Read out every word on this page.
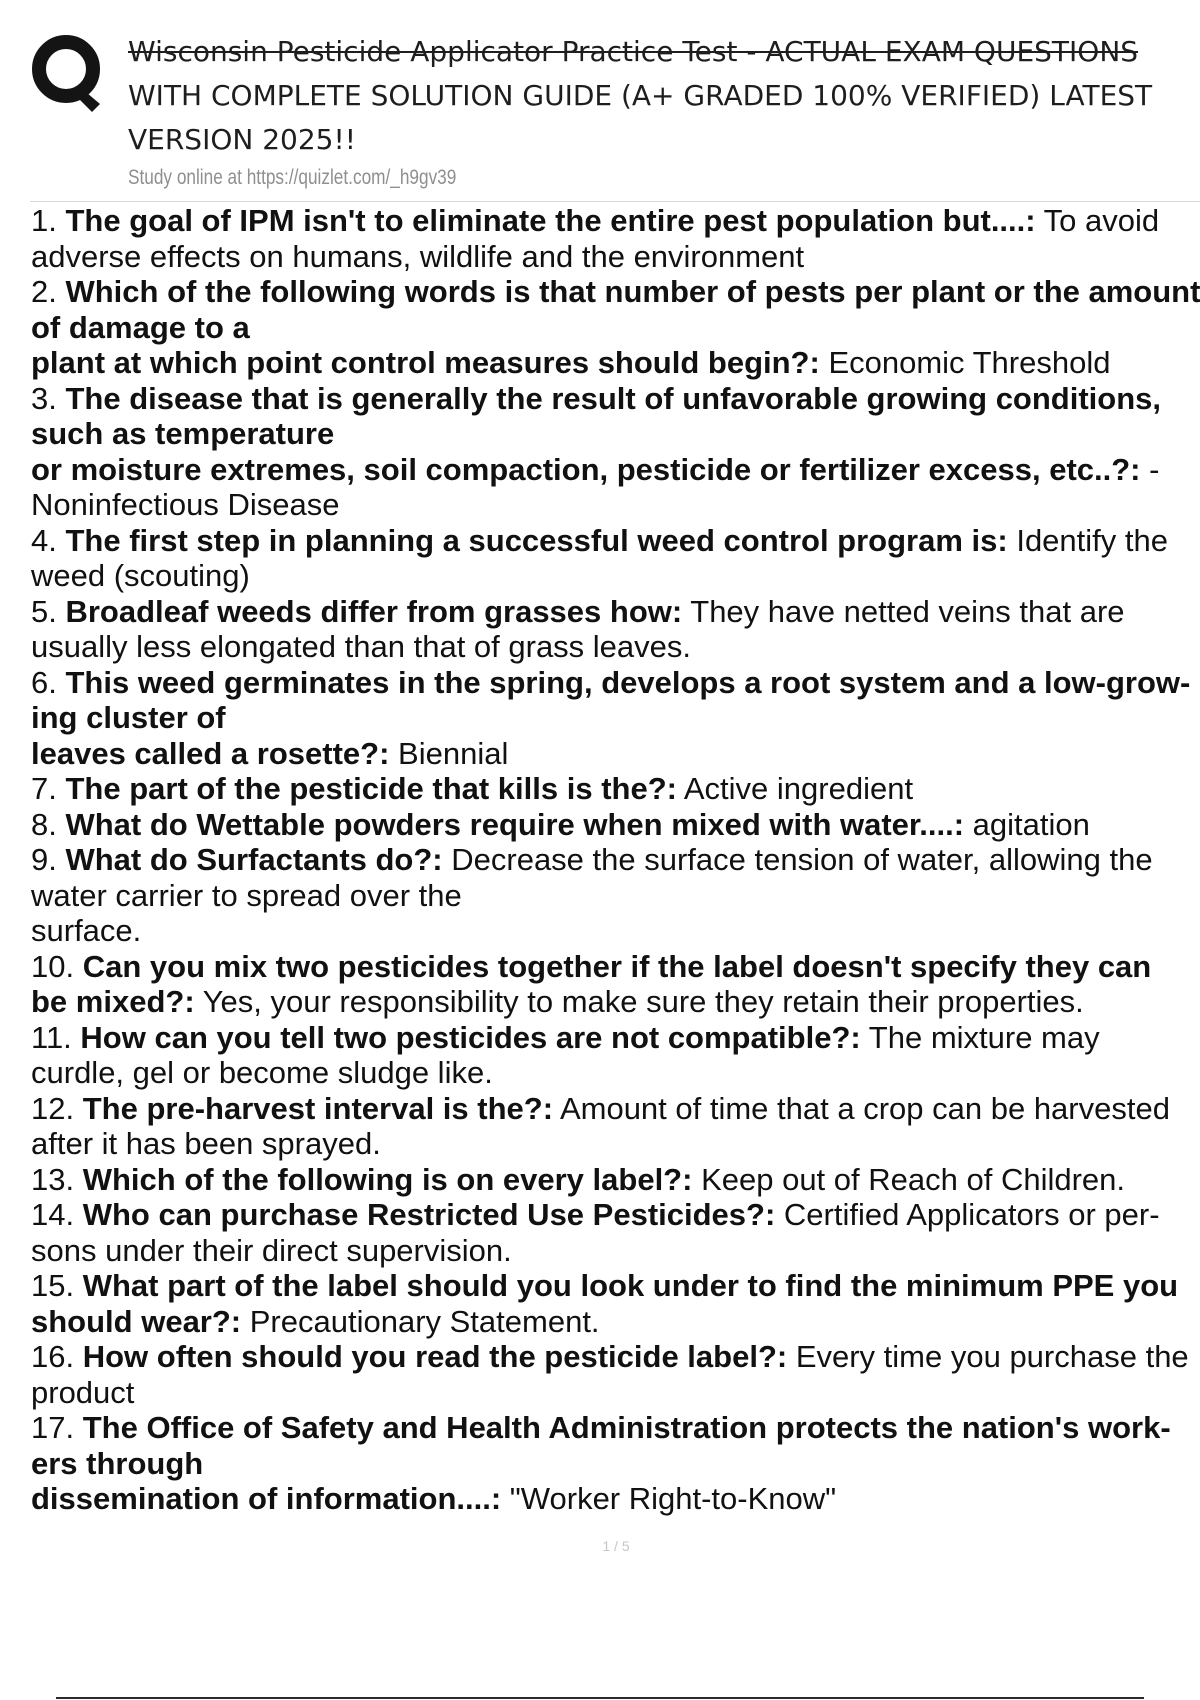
Wisconsin Pesticide Applicator Practice Test - ACTUAL EXAM QUESTIONS
WITH COMPLETE SOLUTION GUIDE (A+ GRADED 100% VERIFIED) LATEST
VERSION 2025!!

Study online at https://quizlet.com/_h9gv39

1. The goal of IPM isn't to eliminate the entire pest population but....: To avoid
adverse effects on humans, wildlife and the environment
2. Which of the following words is that number of pests per plant or the amount
of damage to a
plant at which point control measures should begin?: Economic Threshold
3. The disease that is generally the result of unfavorable growing conditions,
such as temperature
or moisture extremes, soil compaction, pesticide or fertilizer excess, etc..?: -
Noninfectious Disease
4. The first step in planning a successful weed control program is: Identify the
weed (scouting)
5. Broadleaf weeds differ from grasses how: They have netted veins that are
usually less elongated than that of grass leaves.
6. This weed germinates in the spring, develops a root system and a low-grow-
ing cluster of
leaves called a rosette?: Biennial
7. The part of the pesticide that kills is the?: Active ingredient
8. What do Wettable powders require when mixed with water....: agitation
9. What do Surfactants do?: Decrease the surface tension of water, allowing the
water carrier to spread over the
surface.
10. Can you mix two pesticides together if the label doesn't specify they can
be mixed?: Yes, your responsibility to make sure they retain their properties.
11. How can you tell two pesticides are not compatible?: The mixture may
curdle, gel or become sludge like.
12. The pre-harvest interval is the?: Amount of time that a crop can be harvested
after it has been sprayed.
13. Which of the following is on every label?: Keep out of Reach of Children.
14. Who can purchase Restricted Use Pesticides?: Certified Applicators or per-
sons under their direct supervision.
15. What part of the label should you look under to find the minimum PPE you
should wear?: Precautionary Statement.
16. How often should you read the pesticide label?: Every time you purchase the
product
17. The Office of Safety and Health Administration protects the nation's work-
ers through
dissemination of information....: "Worker Right-to-Know"
1 / 5
